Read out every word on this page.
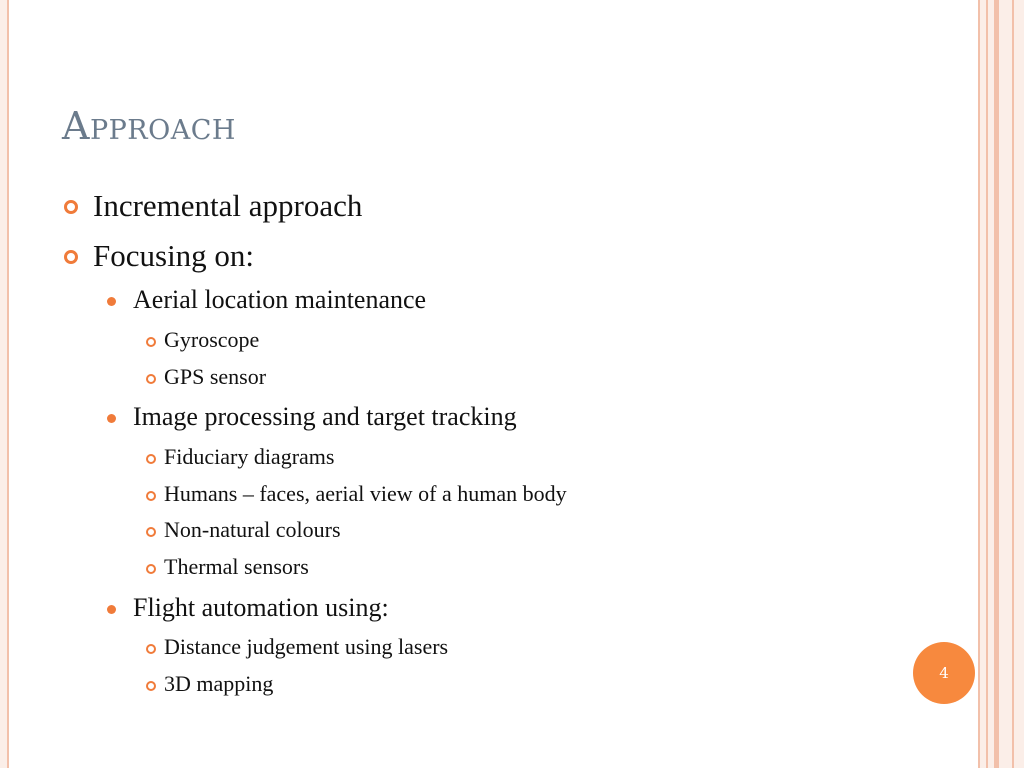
Approach
Incremental approach
Focusing on:
Aerial location maintenance
Gyroscope
GPS sensor
Image processing and target tracking
Fiduciary diagrams
Humans – faces, aerial view of a human body
Non-natural colours
Thermal sensors
Flight automation using:
Distance judgement using lasers
3D mapping	4
